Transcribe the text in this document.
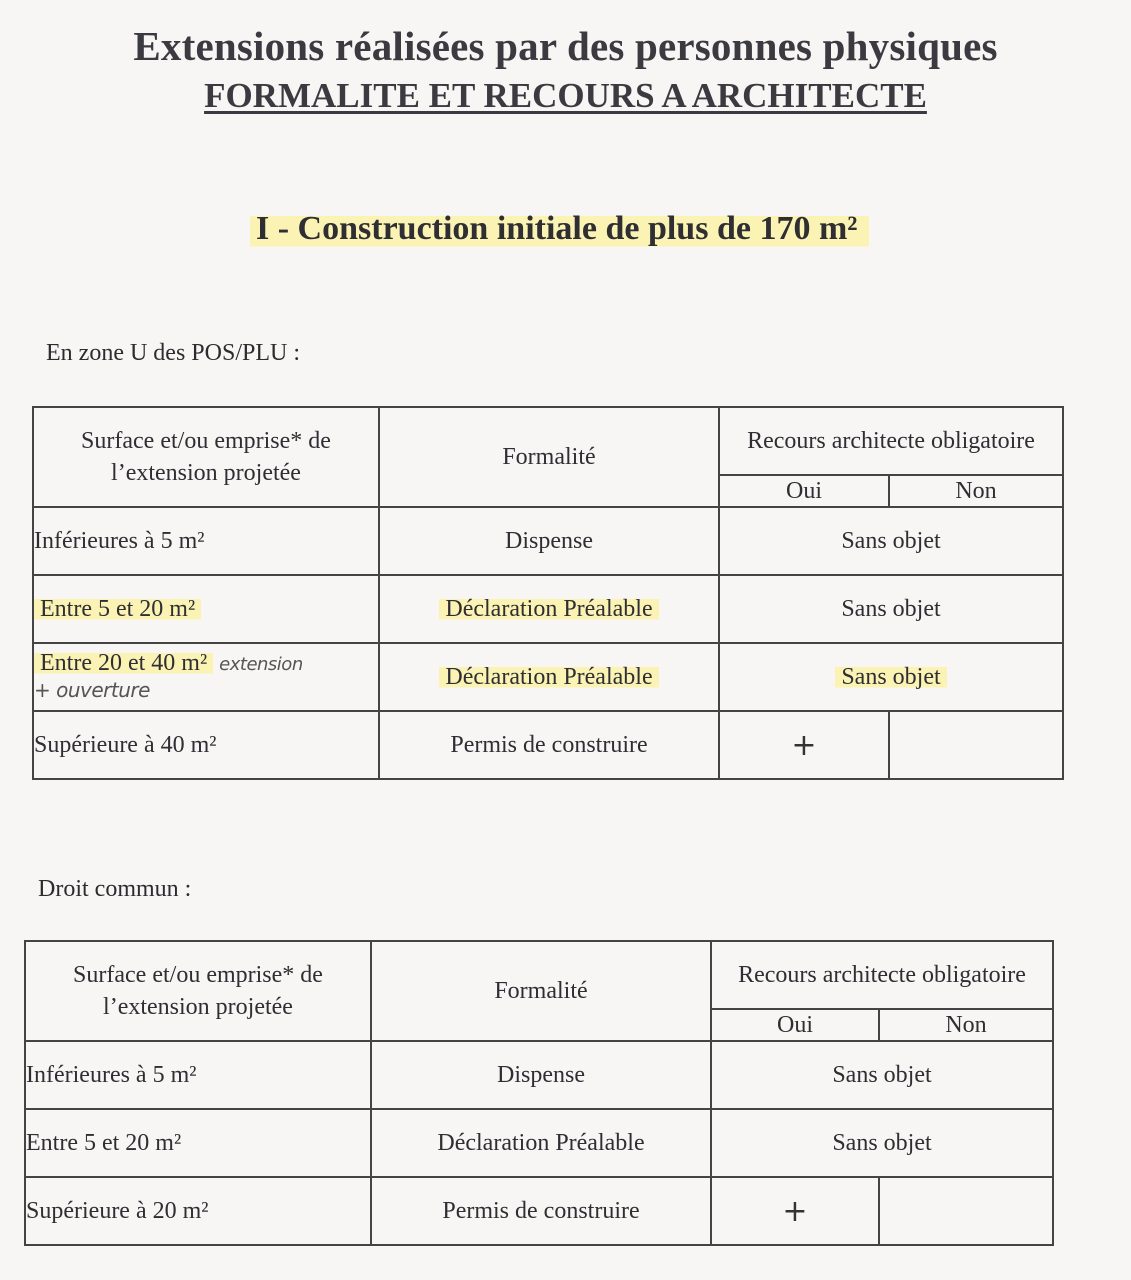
Extensions réalisées par des personnes physiques
FORMALITE ET RECOURS A ARCHITECTE
I - Construction initiale de plus de 170 m²
En zone U des POS/PLU :
Surface et/ou emprise* de l’extension projetée	Formalité	Recours architecte obligatoire	
		Oui	Non
Inférieures à 5 m²	Dispense	Sans objet	
Entre 5 et 20 m²	Déclaration Préalable	Sans objet	
Entre 20 et 40 m² extension
+ ouverture	Déclaration Préalable	Sans objet	
Supérieure à 40 m²	Permis de construire	+	
Droit commun :
Surface et/ou emprise* de l’extension projetée	Formalité	Recours architecte obligatoire	
		Oui	Non
Inférieures à 5 m²	Dispense	Sans objet	
Entre 5 et 20 m²	Déclaration Préalable	Sans objet	
Supérieure à 20 m²	Permis de construire	+	
